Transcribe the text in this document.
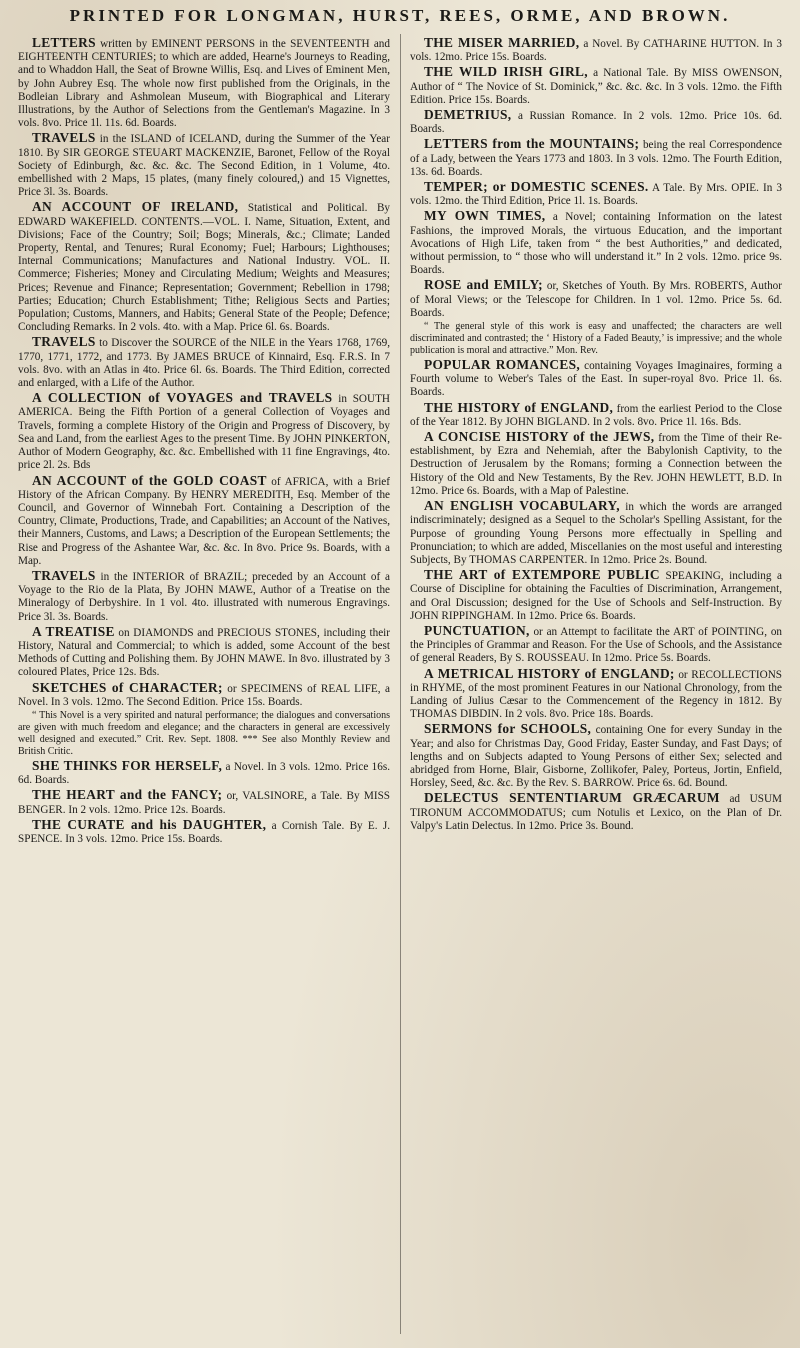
PRINTED FOR LONGMAN, HURST, REES, ORME, AND BROWN.
LETTERS written by EMINENT PERSONS in the SEVENTEENTH and EIGHTEENTH CENTURIES; to which are added, Hearne's Journeys to Reading, and to Whaddon Hall, the Seat of Browne Willis, Esq. and Lives of Eminent Men, by John Aubrey Esq. The whole now first published from the Originals, in the Bodleian Library and Ashmolean Museum, with Biographical and Literary Illustrations, by the Author of Selections from the Gentleman's Magazine. In 3 vols. 8vo. Price 1l. 11s. 6d. Boards.
TRAVELS in the ISLAND of ICELAND, during the Summer of the Year 1810. By SIR GEORGE STEUART MACKENZIE, Baronet, Fellow of the Royal Society of Edinburgh, &c. &c. &c. The Second Edition, in 1 Volume, 4to. embellished with 2 Maps, 15 plates, (many finely coloured,) and 15 Vignettes, Price 3l. 3s. Boards.
AN ACCOUNT OF IRELAND, Statistical and Political. By EDWARD WAKEFIELD. CONTENTS.—VOL. I. Name, Situation, Extent, and Divisions; Face of the Country; Soil; Bogs; Minerals, &c.; Climate; Landed Property, Rental, and Tenures; Rural Economy; Fuel; Harbours; Lighthouses; Internal Communications; Manufactures and National Industry. VOL. II. Commerce; Fisheries; Money and Circulating Medium; Weights and Measures; Prices; Revenue and Finance; Representation; Government; Rebellion in 1798; Parties; Education; Church Establishment; Tithe; Religious Sects and Parties; Population; Customs, Manners, and Habits; General State of the People; Defence; Concluding Remarks. In 2 vols. 4to. with a Map. Price 6l. 6s. Boards.
TRAVELS to Discover the SOURCE of the NILE in the Years 1768, 1769, 1770, 1771, 1772, and 1773. By JAMES BRUCE of Kinnaird, Esq. F.R.S. In 7 vols. 8vo. with an Atlas in 4to. Price 6l. 6s. Boards. The Third Edition, corrected and enlarged, with a Life of the Author.
A COLLECTION of VOYAGES and TRAVELS in SOUTH AMERICA. Being the Fifth Portion of a general Collection of Voyages and Travels, forming a complete History of the Origin and Progress of Discovery, by Sea and Land, from the earliest Ages to the present Time. By JOHN PINKERTON, Author of Modern Geography, &c. &c. Embellished with 11 fine Engravings, 4to. price 2l. 2s. Bds
AN ACCOUNT of the GOLD COAST of AFRICA, with a Brief History of the African Company. By HENRY MEREDITH, Esq. Member of the Council, and Governor of Winnebah Fort. Containing a Description of the Country, Climate, Productions, Trade, and Capabilities; an Account of the Natives, their Manners, Customs, and Laws; a Description of the European Settlements; the Rise and Progress of the Ashantee War, &c. &c. In 8vo. Price 9s. Boards, with a Map.
TRAVELS in the INTERIOR of BRAZIL; preceded by an Account of a Voyage to the Rio de la Plata, By JOHN MAWE, Author of a Treatise on the Mineralogy of Derbyshire. In 1 vol. 4to. illustrated with numerous Engravings. Price 3l. 3s. Boards.
A TREATISE on DIAMONDS and PRECIOUS STONES, including their History, Natural and Commercial; to which is added, some Account of the best Methods of Cutting and Polishing them. By JOHN MAWE. In 8vo. illustrated by 3 coloured Plates, Price 12s. Bds.
SKETCHES of CHARACTER; or SPECIMENS of REAL LIFE, a Novel. In 3 vols. 12mo. The Second Edition. Price 15s. Boards.
“ This Novel is a very spirited and natural performance; the dialogues and conversations are given with much freedom and elegance; and the characters in general are excessively well designed and executed.” Crit. Rev. Sept. 1808. *** See also Monthly Review and British Critic.
SHE THINKS FOR HERSELF, a Novel. In 3 vols. 12mo. Price 16s. 6d. Boards.
THE HEART and the FANCY; or, VALSINORE, a Tale. By MISS BENGER. In 2 vols. 12mo. Price 12s. Boards.
THE CURATE and his DAUGHTER, a Cornish Tale. By E. J. SPENCE. In 3 vols. 12mo. Price 15s. Boards.
THE MISER MARRIED, a Novel. By CATHARINE HUTTON. In 3 vols. 12mo. Price 15s. Boards.
THE WILD IRISH GIRL, a National Tale. By MISS OWENSON, Author of “ The Novice of St. Dominick,” &c. &c. &c. In 3 vols. 12mo. the Fifth Edition. Price 15s. Boards.
DEMETRIUS, a Russian Romance. In 2 vols. 12mo. Price 10s. 6d. Boards.
LETTERS from the MOUNTAINS; being the real Correspondence of a Lady, between the Years 1773 and 1803. In 3 vols. 12mo. The Fourth Edition, 13s. 6d. Boards.
TEMPER; or DOMESTIC SCENES. A Tale. By Mrs. OPIE. In 3 vols. 12mo. the Third Edition, Price 1l. 1s. Boards.
MY OWN TIMES, a Novel; containing Information on the latest Fashions, the improved Morals, the virtuous Education, and the important Avocations of High Life, taken from “ the best Authorities,” and dedicated, without permission, to “ those who will understand it.” In 2 vols. 12mo. price 9s. Boards.
ROSE and EMILY; or, Sketches of Youth. By Mrs. ROBERTS, Author of Moral Views; or the Telescope for Children. In 1 vol. 12mo. Price 5s. 6d. Boards.
“ The general style of this work is easy and unaffected; the characters are well discriminated and contrasted; the ‘ History of a Faded Beauty,’ is impressive; and the whole publication is moral and attractive.” Mon. Rev.
POPULAR ROMANCES, containing Voyages Imaginaires, forming a Fourth volume to Weber's Tales of the East. In super-royal 8vo. Price 1l. 6s. Boards.
THE HISTORY of ENGLAND, from the earliest Period to the Close of the Year 1812. By JOHN BIGLAND. In 2 vols. 8vo. Price 1l. 16s. Bds.
A CONCISE HISTORY of the JEWS, from the Time of their Re-establishment, by Ezra and Nehemiah, after the Babylonish Captivity, to the Destruction of Jerusalem by the Romans; forming a Connection between the History of the Old and New Testaments, By the Rev. JOHN HEWLETT, B.D. In 12mo. Price 6s. Boards, with a Map of Palestine.
AN ENGLISH VOCABULARY, in which the words are arranged indiscriminately; designed as a Sequel to the Scholar's Spelling Assistant, for the Purpose of grounding Young Persons more effectually in Spelling and Pronunciation; to which are added, Miscellanies on the most useful and interesting Subjects, By THOMAS CARPENTER. In 12mo. Price 2s. Bound.
THE ART of EXTEMPORE PUBLIC SPEAKING, including a Course of Discipline for obtaining the Faculties of Discrimination, Arrangement, and Oral Discussion; designed for the Use of Schools and Self-Instruction. By JOHN RIPPINGHAM. In 12mo. Price 6s. Boards.
PUNCTUATION, or an Attempt to facilitate the ART of POINTING, on the Principles of Grammar and Reason. For the Use of Schools, and the Assistance of general Readers, By S. ROUSSEAU. In 12mo. Price 5s. Boards.
A METRICAL HISTORY of ENGLAND; or RECOLLECTIONS in RHYME, of the most prominent Features in our National Chronology, from the Landing of Julius Cæsar to the Commencement of the Regency in 1812. By THOMAS DIBDIN. In 2 vols. 8vo. Price 18s. Boards.
SERMONS for SCHOOLS, containing One for every Sunday in the Year; and also for Christmas Day, Good Friday, Easter Sunday, and Fast Days; of lengths and on Subjects adapted to Young Persons of either Sex; selected and abridged from Horne, Blair, Gisborne, Zollikofer, Paley, Porteus, Jortin, Enfield, Horsley, Seed, &c. &c. By the Rev. S. BARROW. Price 6s. 6d. Bound.
DELECTUS SENTENTIARUM GRÆCARUM ad USUM TIRONUM ACCOMMODATUS; cum Notulis et Lexico, on the Plan of Dr. Valpy's Latin Delectus. In 12mo. Price 3s. Bound.
